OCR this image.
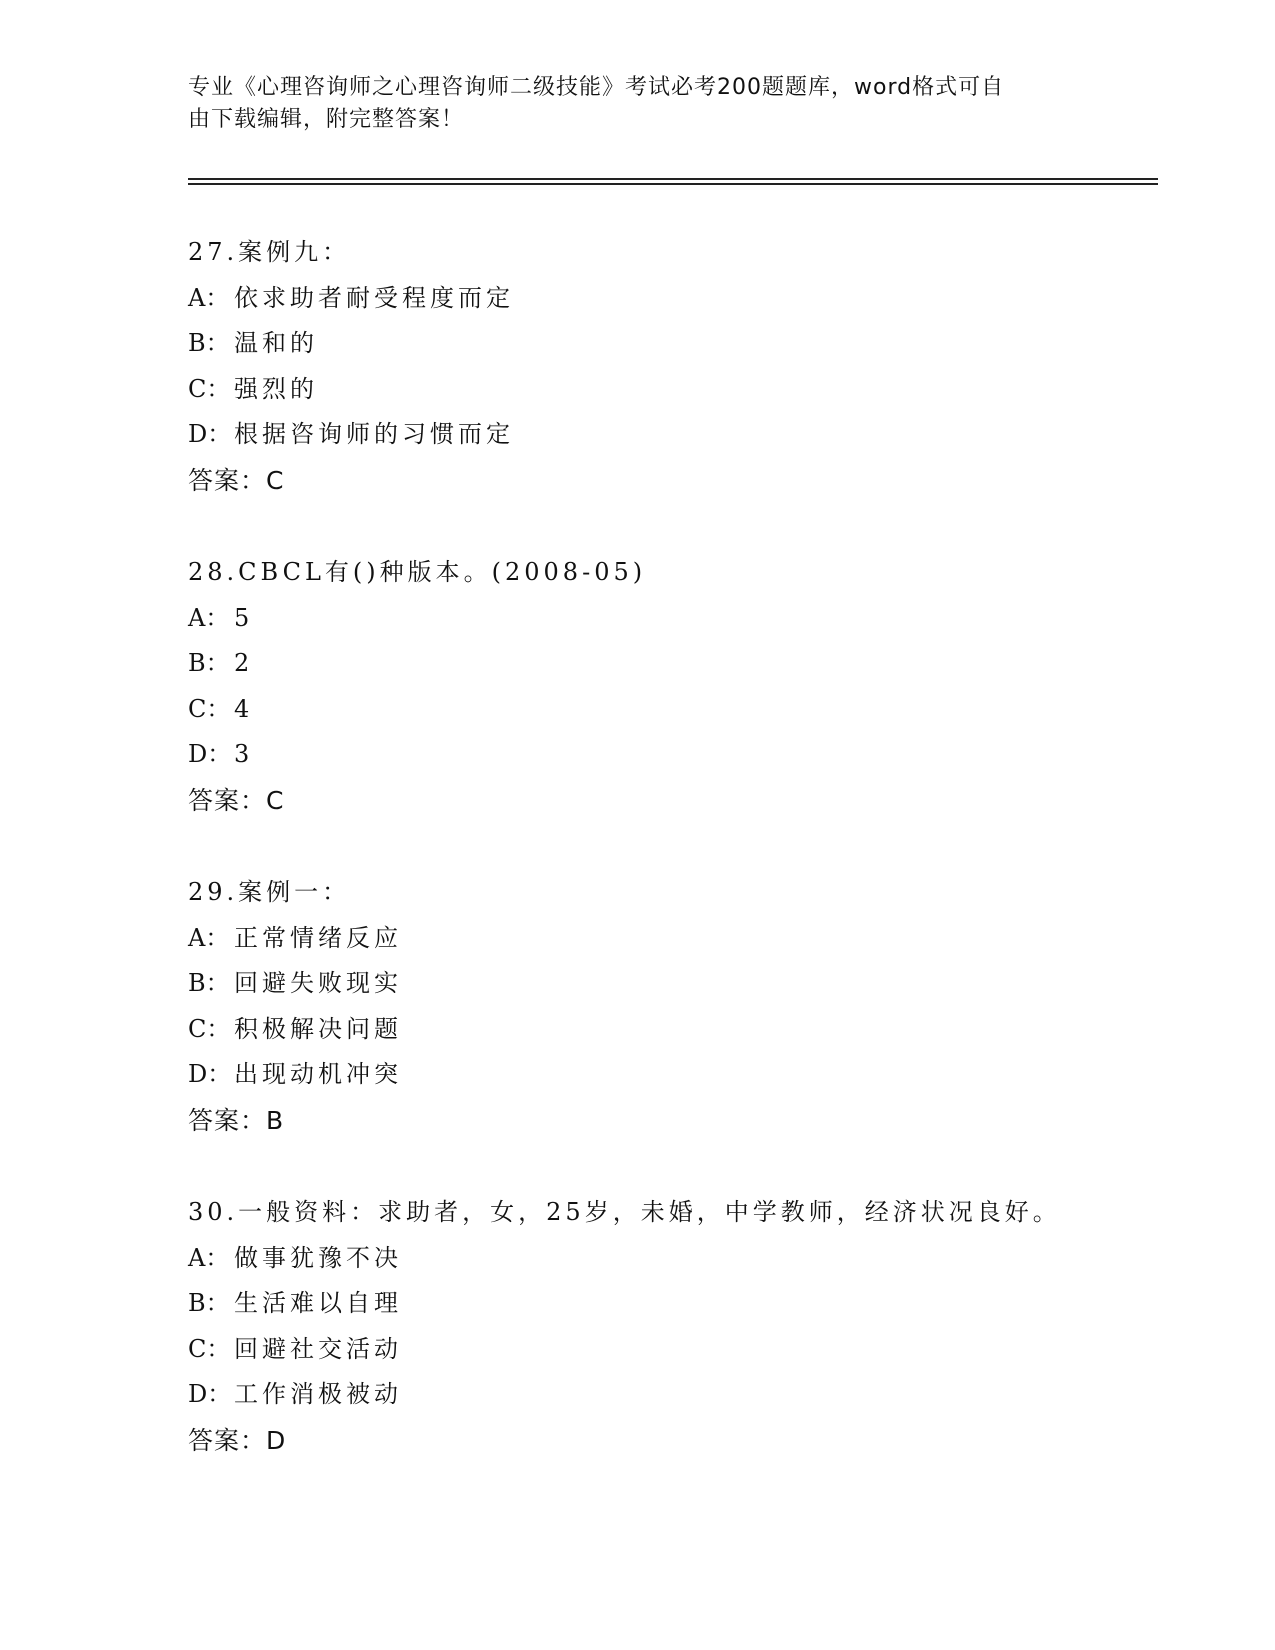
专业《心理咨询师之心理咨询师二级技能》考试必考200题题库，word格式可自
由下载编辑，附完整答案！
27.案例九：
A： 依求助者耐受程度而定
B： 温和的
C： 强烈的
D： 根据咨询师的习惯而定
答案：C
28.CBCL有()种版本。(2008-05)
A： 5
B： 2
C： 4
D： 3
答案：C
29.案例一：
A： 正常情绪反应
B： 回避失败现实
C： 积极解决问题
D： 出现动机冲突
答案：B
30.一般资料：求助者，女，25岁，未婚，中学教师，经济状况良好。
A： 做事犹豫不决
B： 生活难以自理
C： 回避社交活动
D： 工作消极被动
答案：D
